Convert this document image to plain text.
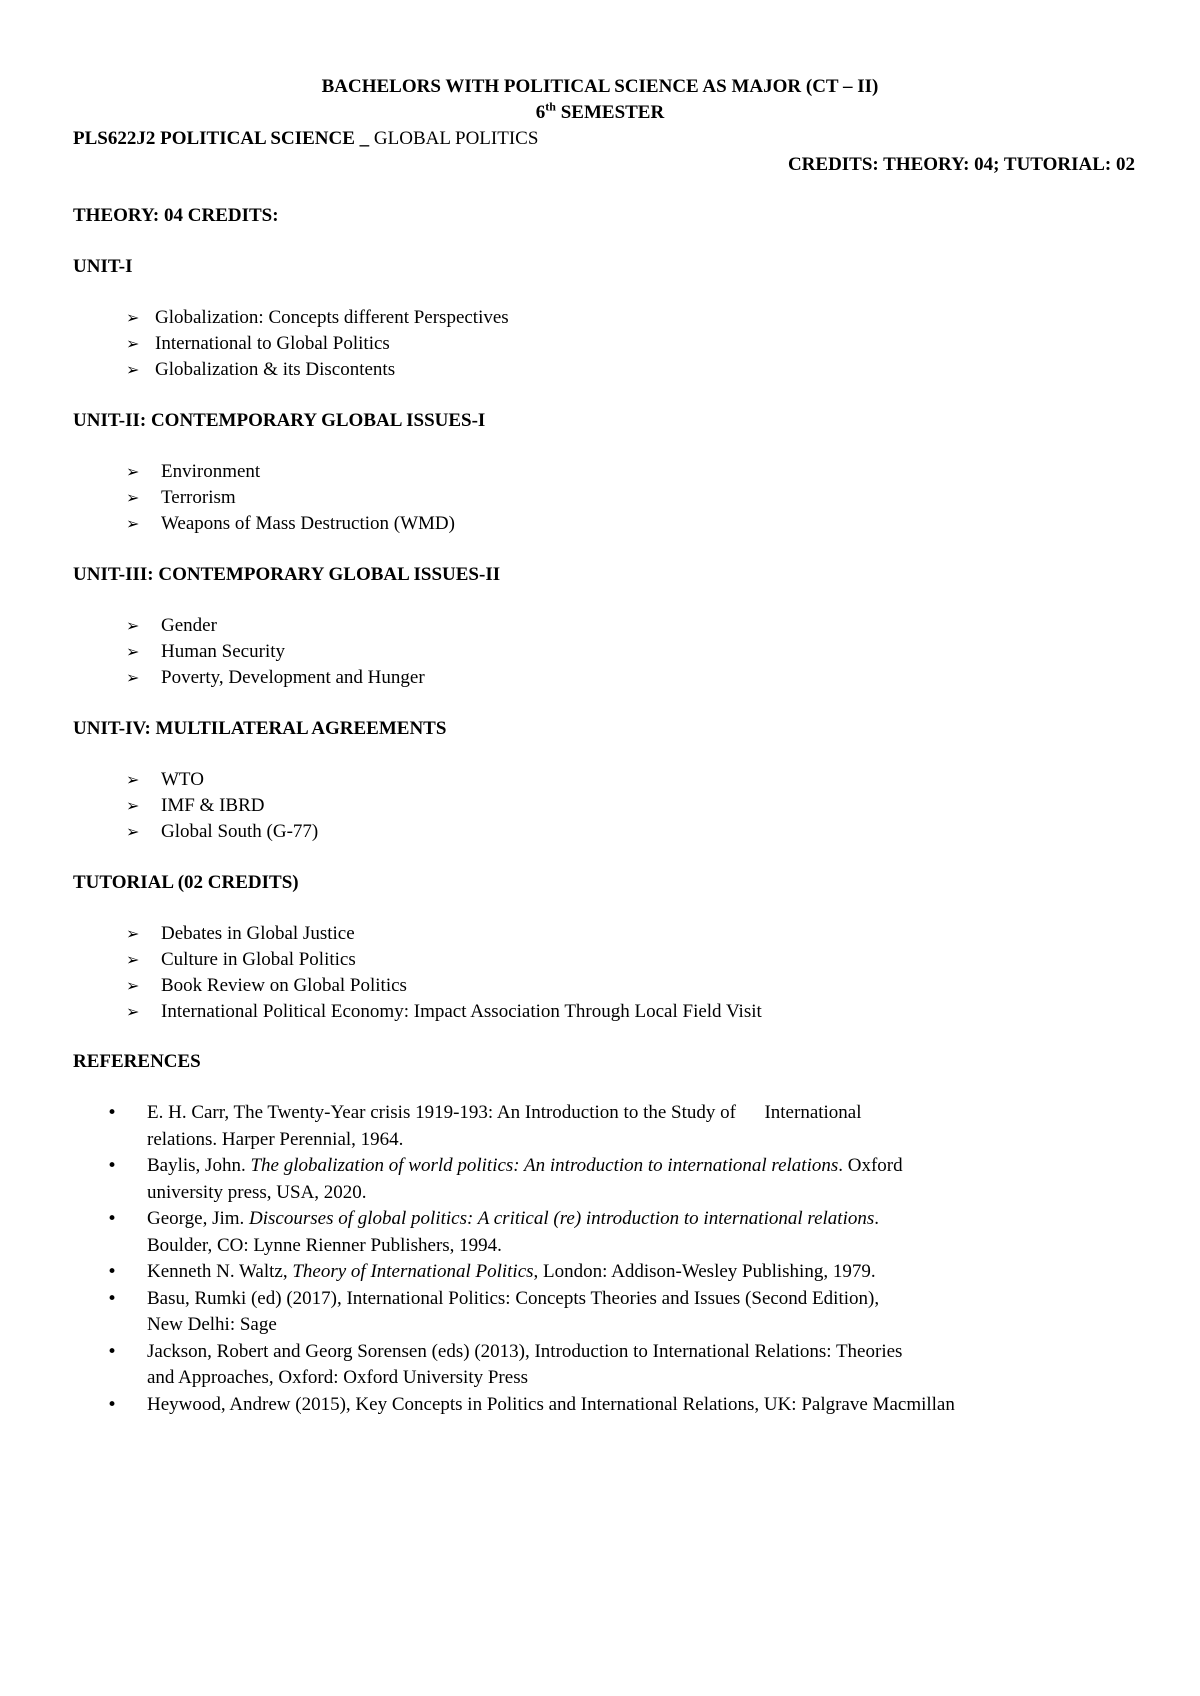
BACHELORS WITH POLITICAL SCIENCE AS MAJOR (CT – II)
6th SEMESTER
PLS622J2 POLITICAL SCIENCE _ GLOBAL POLITICS
CREDITS: THEORY: 04; TUTORIAL: 02
THEORY: 04 CREDITS:
UNIT-I
➢ Globalization: Concepts different Perspectives
➢ International to Global Politics
➢ Globalization & its Discontents
UNIT-II: CONTEMPORARY GLOBAL ISSUES-I
➢	Environment
➢	Terrorism
➢	Weapons of Mass Destruction (WMD)
UNIT-III: CONTEMPORARY GLOBAL ISSUES-II
➢	Gender
➢	Human Security
➢	Poverty, Development and Hunger
UNIT-IV: MULTILATERAL AGREEMENTS
➢	WTO
➢	IMF & IBRD
➢	Global South (G-77)
TUTORIAL (02 CREDITS)
➢	Debates in Global Justice
➢	Culture in Global Politics
➢	Book Review on Global Politics
➢	International Political Economy: Impact Association Through Local Field Visit
REFERENCES
• E. H. Carr, The Twenty-Year crisis 1919-193: An Introduction to the Study of      International
relations. Harper Perennial, 1964.
• Baylis, John. The globalization of world politics: An introduction to international relations. Oxford
university press, USA, 2020.
• George, Jim. Discourses of global politics: A critical (re) introduction to international relations.
Boulder, CO: Lynne Rienner Publishers, 1994.
• Kenneth N. Waltz, Theory of International Politics, London: Addison-Wesley Publishing, 1979.
• Basu, Rumki (ed) (2017), International Politics: Concepts Theories and Issues (Second Edition),
New Delhi: Sage
• Jackson, Robert and Georg Sorensen (eds) (2013), Introduction to International Relations: Theories
and Approaches, Oxford: Oxford University Press
• Heywood, Andrew (2015), Key Concepts in Politics and International Relations, UK: Palgrave Macmillan
